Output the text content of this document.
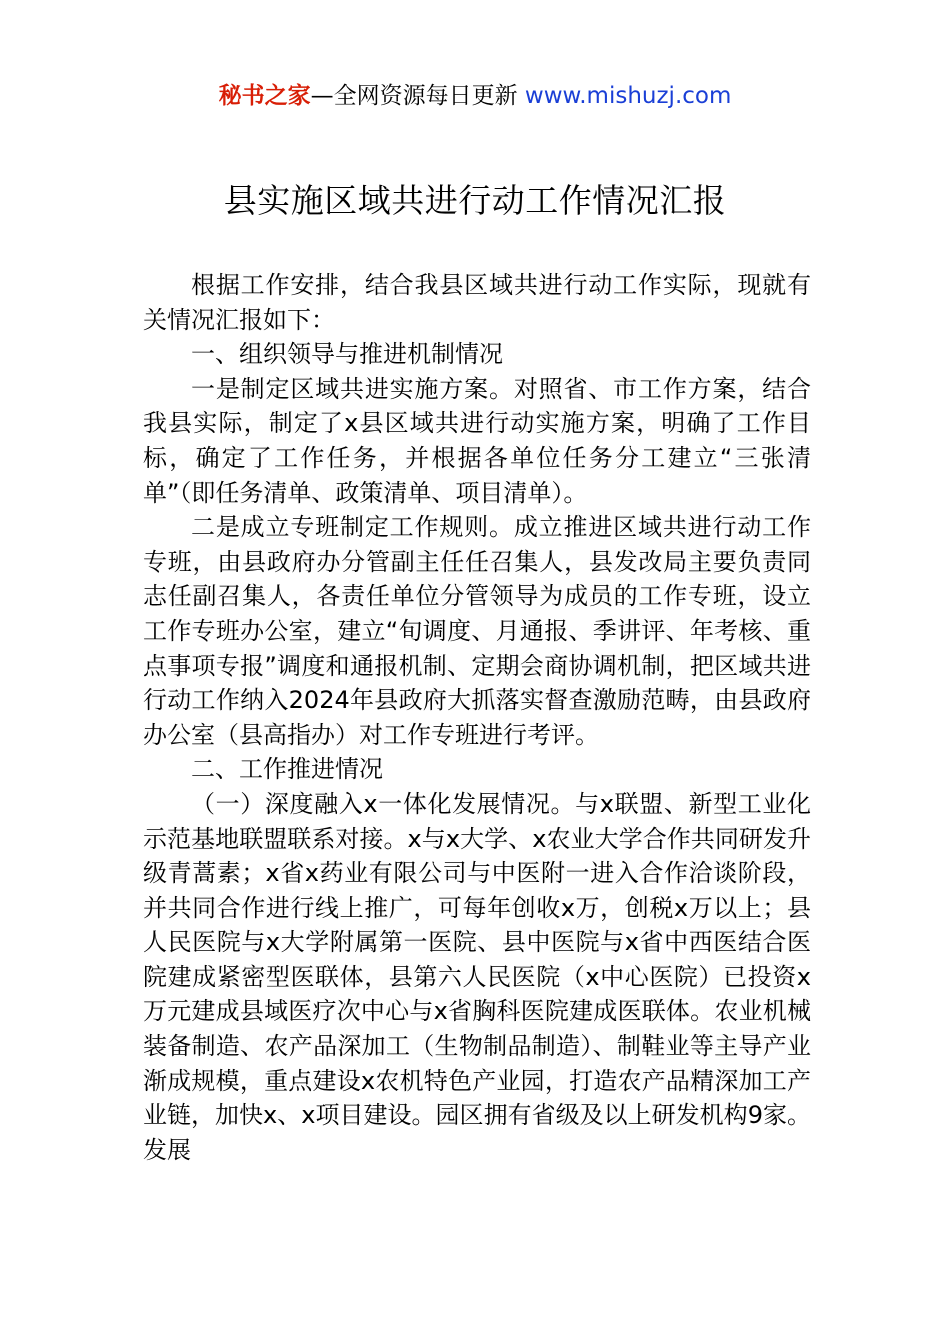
秘书之家—全网资源每日更新 www.mishuzj.com
县实施区域共进行动工作情况汇报

根据工作安排，结合我县区域共进行动工作实际，现就有关情况汇报如下：

一、组织领导与推进机制情况

一是制定区域共进实施方案。对照省、市工作方案，结合我县实际，制定了x县区域共进行动实施方案，明确了工作目标，确定了工作任务，并根据各单位任务分工建立“三张清单”（即任务清单、政策清单、项目清单）。

二是成立专班制定工作规则。成立推进区域共进行动工作专班，由县政府办分管副主任任召集人，县发改局主要负责同志任副召集人，各责任单位分管领导为成员的工作专班，设立工作专班办公室，建立“旬调度、月通报、季讲评、年考核、重点事项专报”调度和通报机制、定期会商协调机制，把区域共进行动工作纳入2024年县政府大抓落实督查激励范畴，由县政府办公室（县高指办）对工作专班进行考评。

二、工作推进情况

（一）深度融入x一体化发展情况。与x联盟、新型工业化示范基地联盟联系对接。x与x大学、x农业大学合作共同研发升级青蒿素；x省x药业有限公司与中医附一进入合作洽谈阶段，并共同合作进行线上推广，可每年创收x万，创税x万以上；县人民医院与x大学附属第一医院、县中医院与x省中西医结合医院建成紧密型医联体，县第六人民医院（x中心医院）已投资x万元建成县域医疗次中心与x省胸科医院建成医联体。农业机械装备制造、农产品深加工（生物制品制造）、制鞋业等主导产业渐成规模，重点建设x农机特色产业园，打造农产品精深加工产业链，加快x、x项目建设。园区拥有省级及以上研发机构9家。发展
